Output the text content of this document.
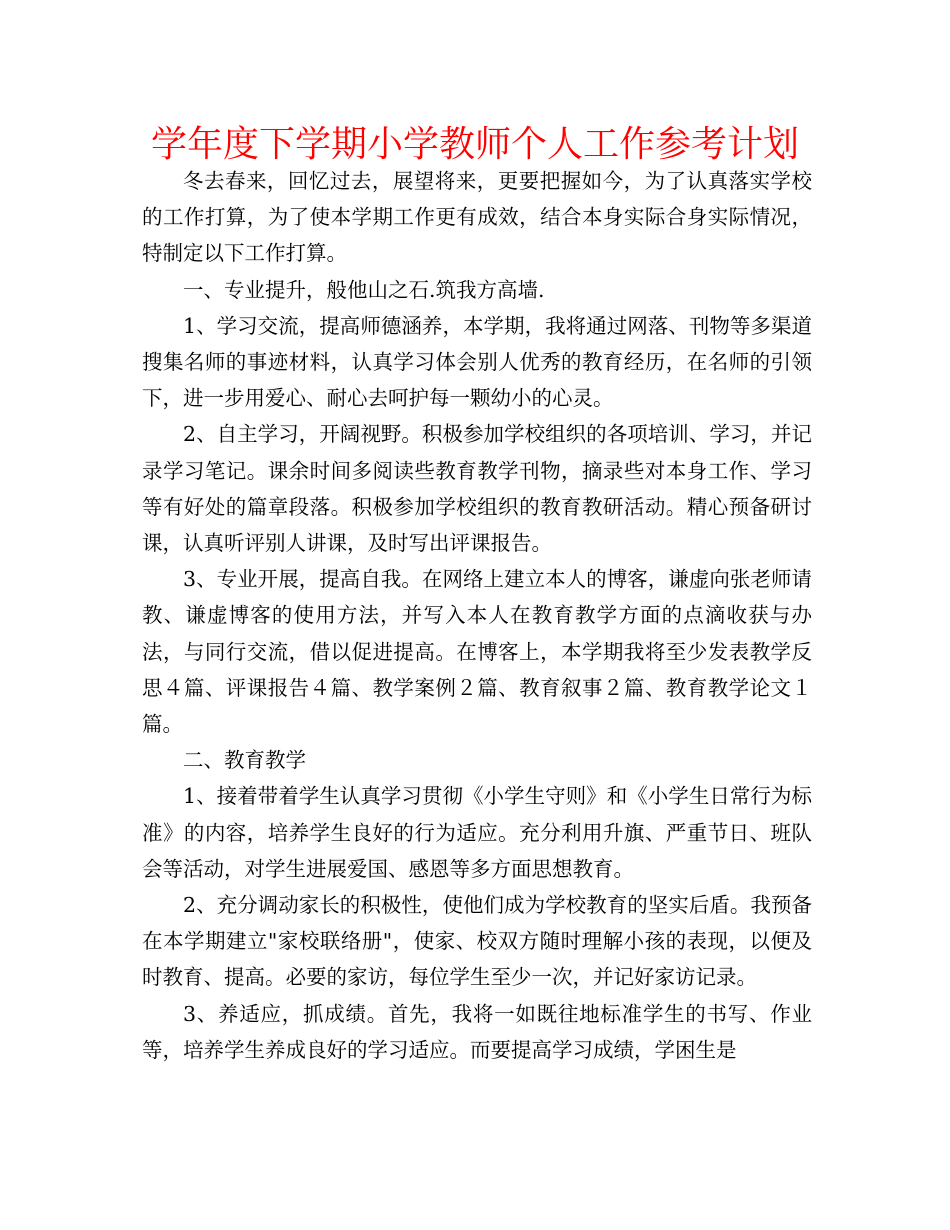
学年度下学期小学教师个人工作参考计划

冬去春来，回忆过去，展望将来，更要把握如今，为了认真落实学校的工作打算，为了使本学期工作更有成效，结合本身实际合身实际情况，特制定以下工作打算。

一、专业提升，般他山之石.筑我方高墙.

1、学习交流，提高师德涵养，本学期，我将通过网落、刊物等多渠道搜集名师的事迹材料，认真学习体会别人优秀的教育经历，在名师的引领下，进一步用爱心、耐心去呵护每一颗幼小的心灵。

2、自主学习，开阔视野。积极参加学校组织的各项培训、学习，并记录学习笔记。课余时间多阅读些教育教学刊物，摘录些对本身工作、学习等有好处的篇章段落。积极参加学校组织的教育教研活动。精心预备研讨课，认真听评别人讲课，及时写出评课报告。

3、专业开展，提高自我。在网络上建立本人的博客，谦虚向张老师请教、谦虚博客的使用方法，并写入本人在教育教学方面的点滴收获与办法，与同行交流，借以促进提高。在博客上，本学期我将至少发表教学反思４篇、评课报告４篇、教学案例２篇、教育叙事２篇、教育教学论文１篇。

二、教育教学

1、接着带着学生认真学习贯彻《小学生守则》和《小学生日常行为标准》的内容，培养学生良好的行为适应。充分利用升旗、严重节日、班队会等活动，对学生进展爱国、感恩等多方面思想教育。

2、充分调动家长的积极性，使他们成为学校教育的坚实后盾。我预备在本学期建立"家校联络册"，使家、校双方随时理解小孩的表现，以便及时教育、提高。必要的家访，每位学生至少一次，并记好家访记录。

3、养适应，抓成绩。首先，我将一如既往地标准学生的书写、作业等，培养学生养成良好的学习适应。而要提高学习成绩，学困生是
